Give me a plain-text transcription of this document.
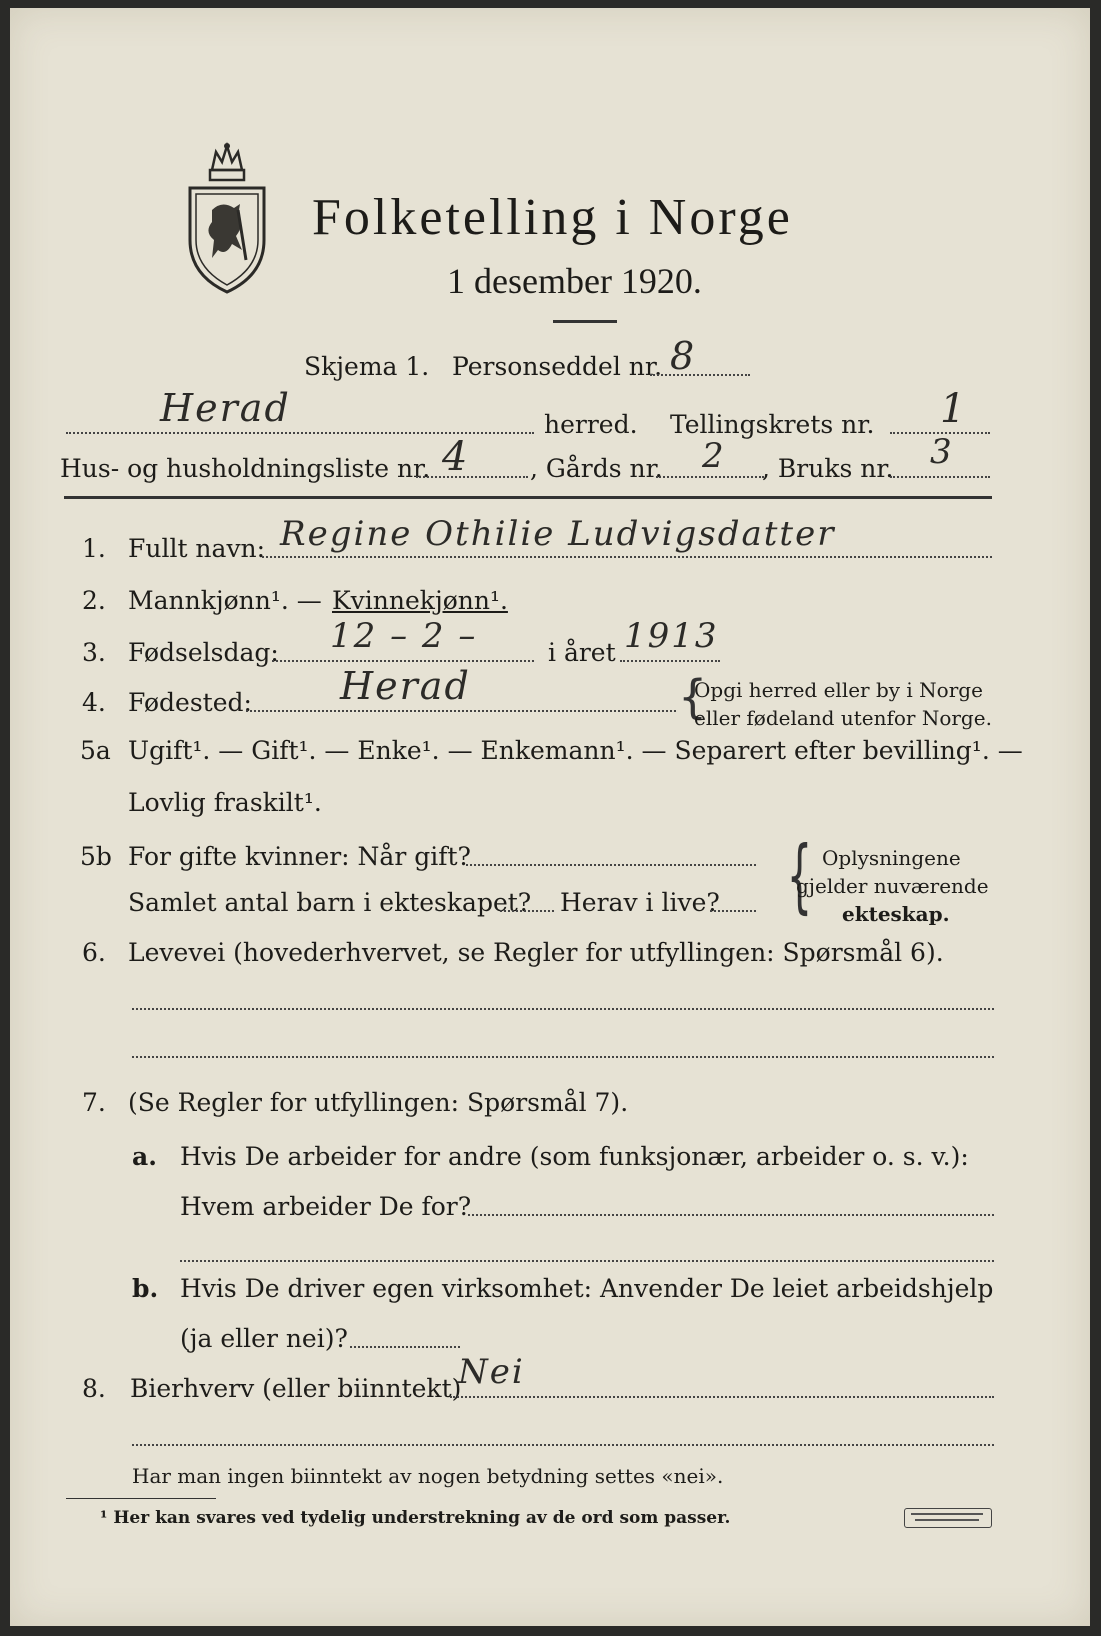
Folketelling i Norge
1 desember 1920.
Skjema 1. Personseddel nr. 8
Herad	herred. Tellingskrets nr. 1
Hus- og husholdningsliste nr. 4 , Gårds nr. 2 , Bruks nr. 3
1. Fullt navn: Regine Othilie Ludvigsdatter
2. Mannkjønn¹. — Kvinnekjønn¹.
3. Fødselsdag: 12 – 2 –	i året 1913
4. Fødested: Herad	{
Opgi herred eller by i Norge
eller fødeland utenfor Norge.
5a Ugift¹. — Gift¹. — Enke¹. — Enkemann¹. — Separert efter bevilling¹. —
Lovlig fraskilt¹.
5b For gifte kvinner: Når gift?
Samlet antal barn i ekteskapet? Herav i live? { Oplysningene
gjelder nuværende
ekteskap.
6. Levevei (hovederhvervet, se Regler for utfyllingen: Spørsmål 6).
7. (Se Regler for utfyllingen: Spørsmål 7).
a. Hvis De arbeider for andre (som funksjonær, arbeider o. s. v.):
Hvem arbeider De for?
b. Hvis De driver egen virksomhet: Anvender De leiet arbeidshjelp
(ja eller nei)?
8. Bierhverv (eller biinntekt)
Nei
Har man ingen biinntekt av nogen betydning settes «nei».
¹ Her kan svares ved tydelig understrekning av de ord som passer.
